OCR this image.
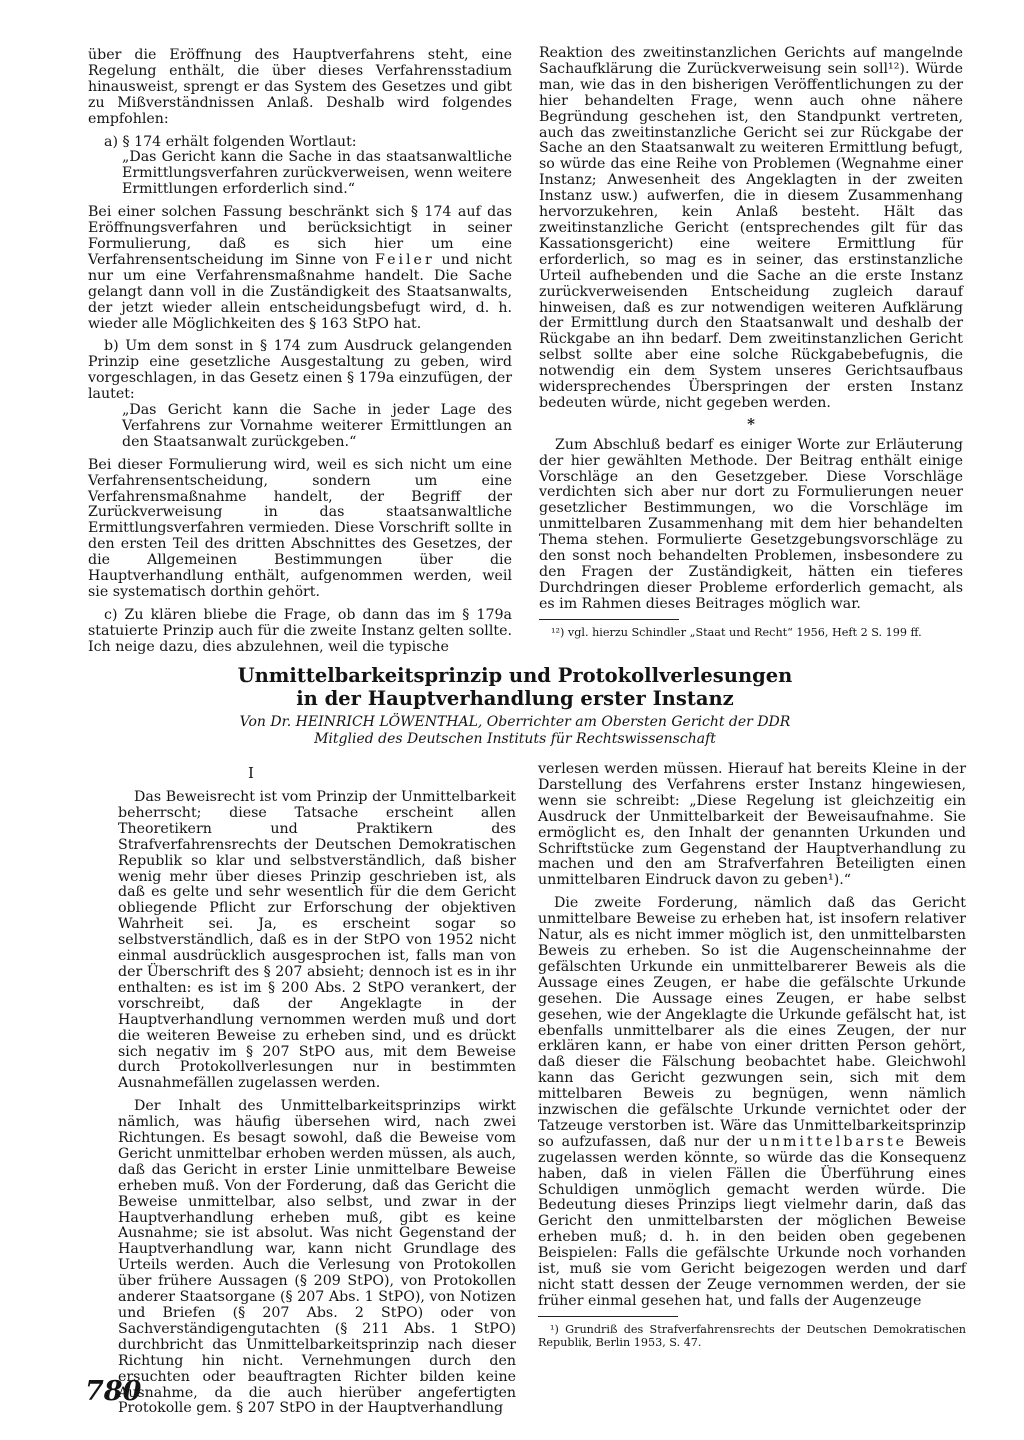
über die Eröffnung des Hauptverfahrens steht, eine Regelung enthält, die über dieses Verfahrensstadium hinausweist, sprengt er das System des Gesetzes und gibt zu Mißverständnissen Anlaß. Deshalb wird folgendes empfohlen:

a) § 174 erhält folgenden Wortlaut:

„Das Gericht kann die Sache in das staatsanwaltliche Ermittlungsverfahren zurückverweisen, wenn weitere Ermittlungen erforderlich sind.“

Bei einer solchen Fassung beschränkt sich § 174 auf das Eröffnungsverfahren und berücksichtigt in seiner Formulierung, daß es sich hier um eine Verfahrensentscheidung im Sinne von Feiler und nicht nur um eine Verfahrensmaßnahme handelt. Die Sache gelangt dann voll in die Zuständigkeit des Staatsanwalts, der jetzt wieder allein entscheidungsbefugt wird, d. h. wieder alle Möglichkeiten des § 163 StPO hat.

b) Um dem sonst in § 174 zum Ausdruck gelangenden Prinzip eine gesetzliche Ausgestaltung zu geben, wird vorgeschlagen, in das Gesetz einen § 179a einzufügen, der lautet:

„Das Gericht kann die Sache in jeder Lage des Verfahrens zur Vornahme weiterer Ermittlungen an den Staatsanwalt zurückgeben.“

Bei dieser Formulierung wird, weil es sich nicht um eine Verfahrensentscheidung, sondern um eine Verfahrensmaßnahme handelt, der Begriff der Zurückverweisung in das staatsanwaltliche Ermittlungsverfahren vermieden. Diese Vorschrift sollte in den ersten Teil des dritten Abschnittes des Gesetzes, der die Allgemeinen Bestimmungen über die Hauptverhandlung enthält, aufgenommen werden, weil sie systematisch dorthin gehört.

c) Zu klären bliebe die Frage, ob dann das im § 179a statuierte Prinzip auch für die zweite Instanz gelten sollte. Ich neige dazu, dies abzulehnen, weil die typische

Reaktion des zweitinstanzlichen Gerichts auf mangelnde Sachaufklärung die Zurückverweisung sein soll¹²). Würde man, wie das in den bisherigen Veröffentlichungen zu der hier behandelten Frage, wenn auch ohne nähere Begründung geschehen ist, den Standpunkt vertreten, auch das zweitinstanzliche Gericht sei zur Rückgabe der Sache an den Staatsanwalt zu weiteren Ermittlung befugt, so würde das eine Reihe von Problemen (Wegnahme einer Instanz; Anwesenheit des Angeklagten in der zweiten Instanz usw.) aufwerfen, die in diesem Zusammenhang hervorzukehren, kein Anlaß besteht. Hält das zweitinstanzliche Gericht (entsprechendes gilt für das Kassationsgericht) eine weitere Ermittlung für erforderlich, so mag es in seiner, das erstinstanzliche Urteil aufhebenden und die Sache an die erste Instanz zurückverweisenden Entscheidung zugleich darauf hinweisen, daß es zur notwendigen weiteren Aufklärung der Ermittlung durch den Staatsanwalt und deshalb der Rückgabe an ihn bedarf. Dem zweitinstanzlichen Gericht selbst sollte aber eine solche Rückgabebefugnis, die notwendig ein dem System unseres Gerichtsaufbaus widersprechendes Überspringen der ersten Instanz bedeuten würde, nicht gegeben werden.

*

Zum Abschluß bedarf es einiger Worte zur Erläuterung der hier gewählten Methode. Der Beitrag enthält einige Vorschläge an den Gesetzgeber. Diese Vorschläge verdichten sich aber nur dort zu Formulierungen neuer gesetzlicher Bestimmungen, wo die Vorschläge im unmittelbaren Zusammenhang mit dem hier behandelten Thema stehen. Formulierte Gesetzgebungsvorschläge zu den sonst noch behandelten Problemen, insbesondere zu den Fragen der Zuständigkeit, hätten ein tieferes Durchdringen dieser Probleme erforderlich gemacht, als es im Rahmen dieses Beitrages möglich war.

¹²) vgl. hierzu Schindler „Staat und Recht“ 1956, Heft 2 S. 199 ff.

Unmittelbarkeitsprinzip und Protokollverlesungen
in der Hauptverhandlung erster Instanz
Von Dr. HEINRICH LÖWENTHAL, Oberrichter am Obersten Gericht der DDR
Mitglied des Deutschen Instituts für Rechtswissenschaft
I

Das Beweisrecht ist vom Prinzip der Unmittelbarkeit beherrscht; diese Tatsache erscheint allen Theoretikern und Praktikern des Strafverfahrensrechts der Deutschen Demokratischen Republik so klar und selbstverständlich, daß bisher wenig mehr über dieses Prinzip geschrieben ist, als daß es gelte und sehr wesentlich für die dem Gericht obliegende Pflicht zur Erforschung der objektiven Wahrheit sei. Ja, es erscheint sogar so selbstverständlich, daß es in der StPO von 1952 nicht einmal ausdrücklich ausgesprochen ist, falls man von der Überschrift des § 207 absieht; dennoch ist es in ihr enthalten: es ist im § 200 Abs. 2 StPO verankert, der vorschreibt, daß der Angeklagte in der Hauptverhandlung vernommen werden muß und dort die weiteren Beweise zu erheben sind, und es drückt sich negativ im § 207 StPO aus, mit dem Beweise durch Protokollverlesungen nur in bestimmten Ausnahmefällen zugelassen werden.

Der Inhalt des Unmittelbarkeitsprinzips wirkt nämlich, was häufig übersehen wird, nach zwei Richtungen. Es besagt sowohl, daß die Beweise vom Gericht unmittelbar erhoben werden müssen, als auch, daß das Gericht in erster Linie unmittelbare Beweise erheben muß. Von der Forderung, daß das Gericht die Beweise unmittelbar, also selbst, und zwar in der Hauptverhandlung erheben muß, gibt es keine Ausnahme; sie ist absolut. Was nicht Gegenstand der Hauptverhandlung war, kann nicht Grundlage des Urteils werden. Auch die Verlesung von Protokollen über frühere Aussagen (§ 209 StPO), von Protokollen anderer Staatsorgane (§ 207 Abs. 1 StPO), von Notizen und Briefen (§ 207 Abs. 2 StPO) oder von Sachverständigengutachten (§ 211 Abs. 1 StPO) durchbricht das Unmittelbarkeitsprinzip nach dieser Richtung hin nicht. Vernehmungen durch den ersuchten oder beauftragten Richter bilden keine Ausnahme, da die auch hierüber angefertigten Protokolle gem. § 207 StPO in der Hauptverhandlung

verlesen werden müssen. Hierauf hat bereits Kleine in der Darstellung des Verfahrens erster Instanz hingewiesen, wenn sie schreibt: „Diese Regelung ist gleichzeitig ein Ausdruck der Unmittelbarkeit der Beweisaufnahme. Sie ermöglicht es, den Inhalt der genannten Urkunden und Schriftstücke zum Gegenstand der Hauptverhandlung zu machen und den am Strafverfahren Beteiligten einen unmittelbaren Eindruck davon zu geben¹).“

Die zweite Forderung, nämlich daß das Gericht unmittelbare Beweise zu erheben hat, ist insofern relativer Natur, als es nicht immer möglich ist, den unmittelbarsten Beweis zu erheben. So ist die Augenscheinnahme der gefälschten Urkunde ein unmittelbarerer Beweis als die Aussage eines Zeugen, er habe die gefälschte Urkunde gesehen. Die Aussage eines Zeugen, er habe selbst gesehen, wie der Angeklagte die Urkunde gefälscht hat, ist ebenfalls unmittelbarer als die eines Zeugen, der nur erklären kann, er habe von einer dritten Person gehört, daß dieser die Fälschung beobachtet habe. Gleichwohl kann das Gericht gezwungen sein, sich mit dem mittelbaren Beweis zu begnügen, wenn nämlich inzwischen die gefälschte Urkunde vernichtet oder der Tatzeuge verstorben ist. Wäre das Unmittelbarkeitsprinzip so aufzufassen, daß nur der unmittelbarste Beweis zugelassen werden könnte, so würde das die Konsequenz haben, daß in vielen Fällen die Überführung eines Schuldigen unmöglich gemacht werden würde. Die Bedeutung dieses Prinzips liegt vielmehr darin, daß das Gericht den unmittelbarsten der möglichen Beweise erheben muß; d. h. in den beiden oben gegebenen Beispielen: Falls die gefälschte Urkunde noch vorhanden ist, muß sie vom Gericht beigezogen werden und darf nicht statt dessen der Zeuge vernommen werden, der sie früher einmal gesehen hat, und falls der Augenzeuge

¹) Grundriß des Strafverfahrensrechts der Deutschen Demokratischen Republik, Berlin 1953, S. 47.

780
